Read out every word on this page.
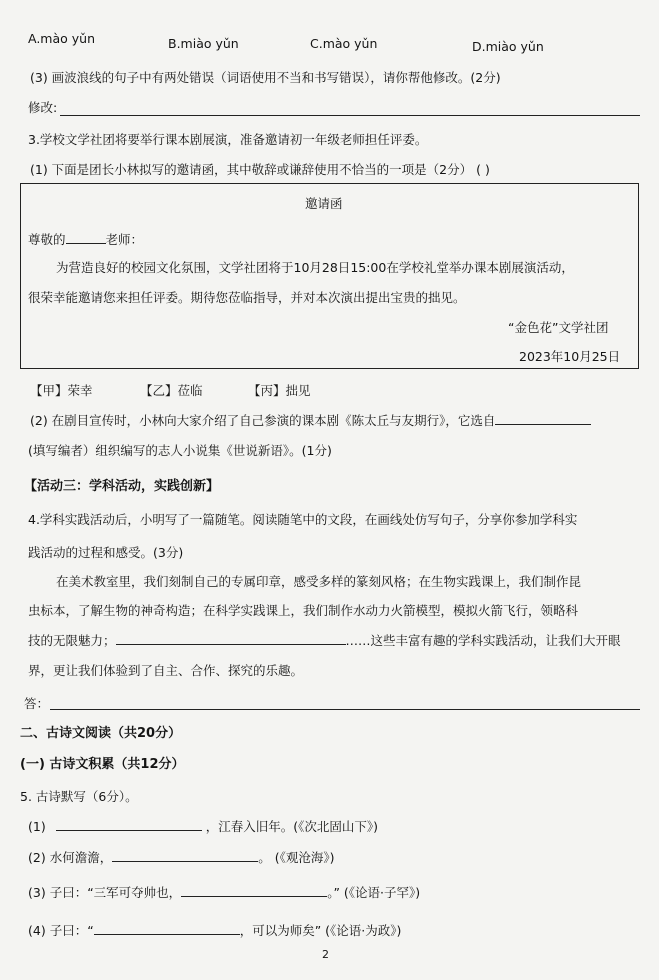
A.mào yǔn	B.miào yǔn	C.mào yǔn	D.miào yǔn
(3) 画波浪线的句子中有两处错误（词语使用不当和书写错误），请你帮他修改。(2分)
修改:
3.学校文学社团将要举行课本剧展演，准备邀请初一年级老师担任评委。
(1) 下面是团长小林拟写的邀请函，其中敬辞或谦辞使用不恰当的一项是（2分） ( )
邀请函
尊敬的	老师：
为营造良好的校园文化氛围，文学社团将于10月28日15:00在学校礼堂举办课本剧展演活动，
很荣幸能邀请您来担任评委。期待您莅临指导，并对本次演出提出宝贵的拙见。
“金色花”文学社团
2023年10月25日
【甲】荣幸	【乙】莅临	【丙】拙见
(2) 在剧目宣传时，小林向大家介绍了自己参演的课本剧《陈太丘与友期行》，它选自
(填写编者）组织编写的志人小说集《世说新语》。(1分)
【活动三：学科活动，实践创新】
4.学科实践活动后，小明写了一篇随笔。阅读随笔中的文段，在画线处仿写句子，分享你参加学科实
践活动的过程和感受。(3分)
在美术教室里，我们刻制自己的专属印章，感受多样的篆刻风格；在生物实践课上，我们制作昆
虫标本，了解生物的神奇构造；在科学实践课上，我们制作水动力火箭模型，模拟火箭飞行，领略科
技的无限魅力；	……这些丰富有趣的学科实践活动，让我们大开眼
界，更让我们体验到了自主、合作、探究的乐趣。
答：
二、古诗文阅读（共20分）
(一) 古诗文积累（共12分）
5. 古诗默写（6分）。
(1)	，江春入旧年。(《次北固山下》)
(2) 水何澹澹，	。 (《观沧海》)
(3) 子曰：“三军可夺帅也，	。” (《论语·子罕》)
(4) 子曰：“	，可以为师矣” (《论语·为政》)
2
